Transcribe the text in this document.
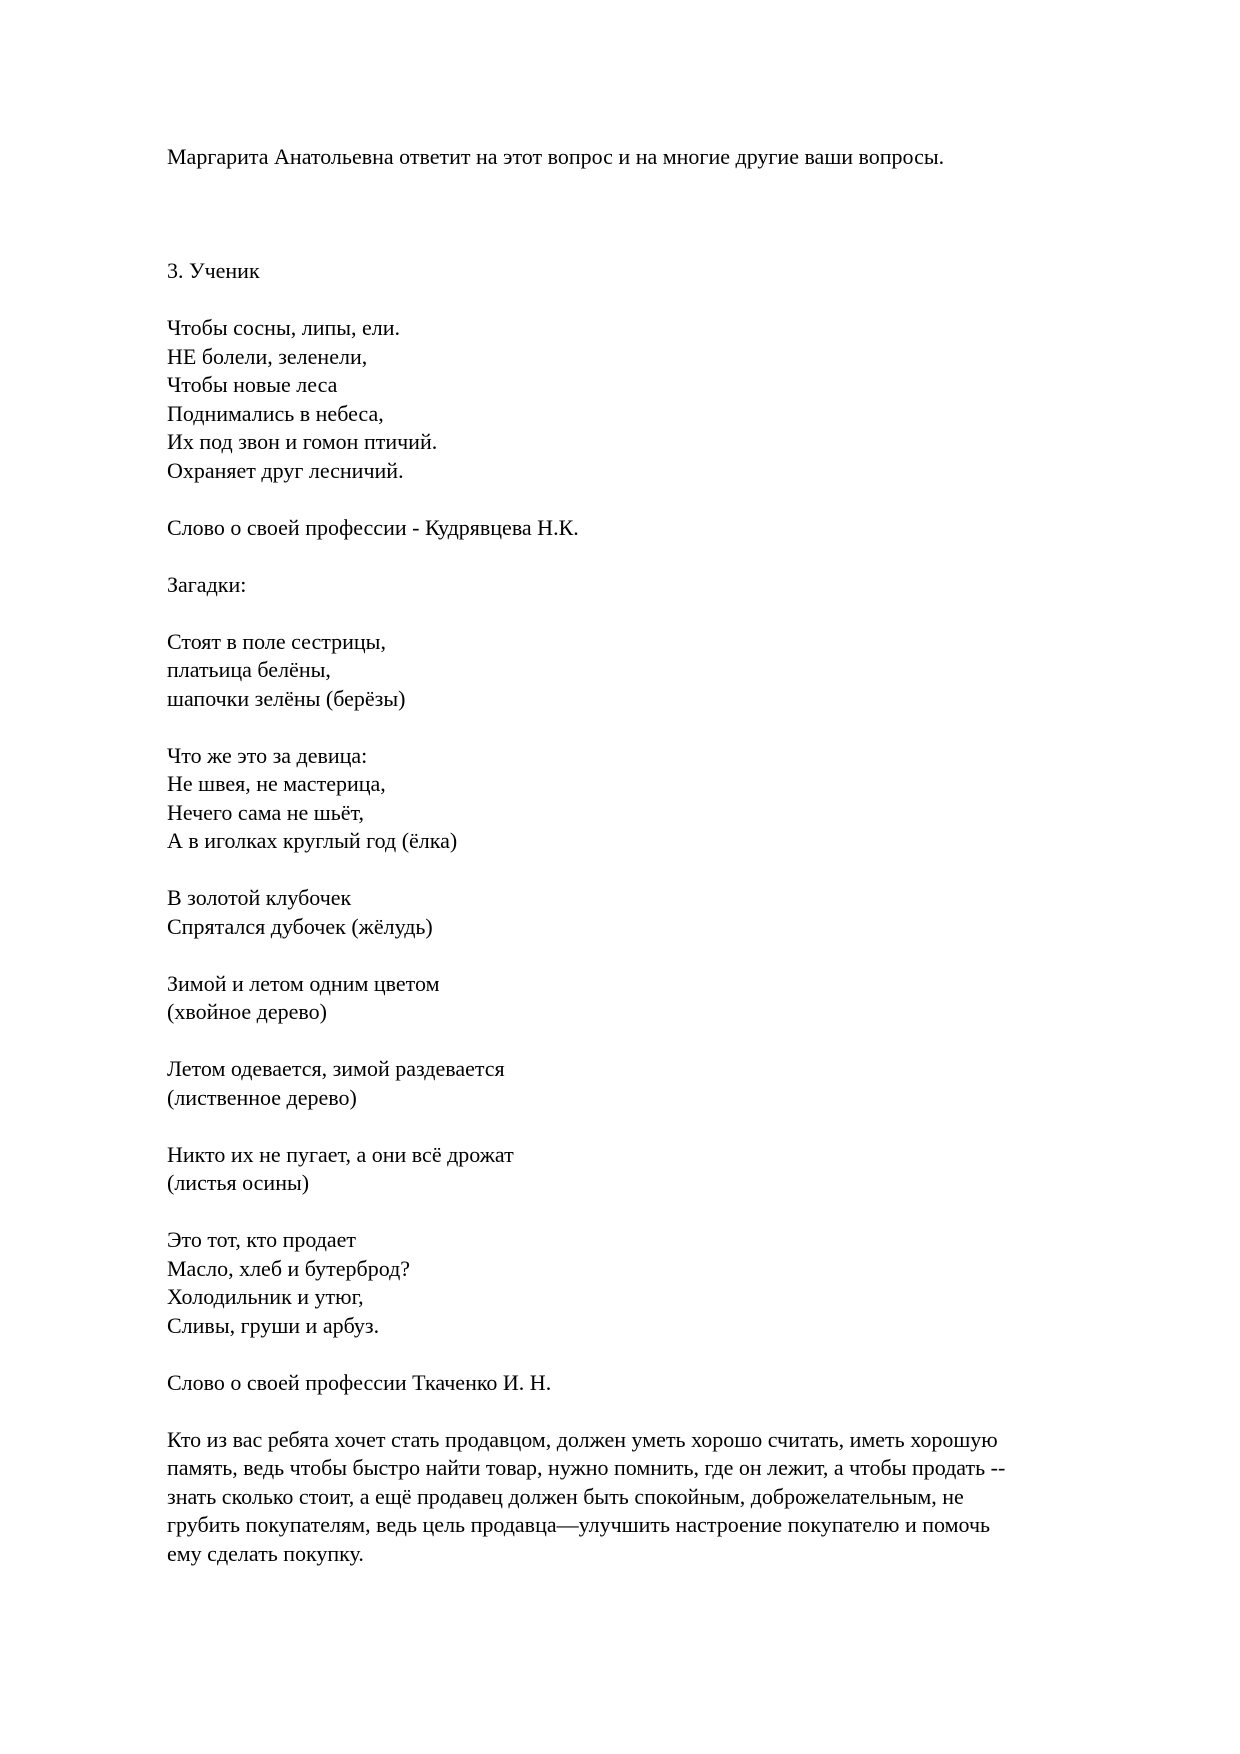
Маргарита Анатольевна ответит на этот вопрос и на многие другие ваши вопросы.
3. Ученик
Чтобы сосны, липы, ели.
НЕ болели, зеленели,
Чтобы новые леса
Поднимались в небеса,
Их под звон и гомон птичий.
Охраняет друг лесничий.
Слово о своей профессии - Кудрявцева Н.К.
Загадки:
Стоят в поле сестрицы,
платьица белёны,
шапочки зелёны (берёзы)
Что же это за девица:
Не швея, не мастерица,
Нечего сама не шьёт,
А в иголках круглый год (ёлка)
В золотой клубочек
Спрятался дубочек (жёлудь)
Зимой и летом одним цветом
(хвойное дерево)
Летом одевается, зимой раздевается
(лиственное дерево)
Никто их не пугает, а они всё дрожат
(листья осины)
Это тот, кто продает
Масло, хлеб и бутерброд?
Холодильник и утюг,
Сливы, груши и арбуз.
Слово о своей профессии Ткаченко И. Н.
Кто из вас ребята хочет стать продавцом, должен уметь хорошо считать, иметь хорошую
память, ведь чтобы быстро найти товар, нужно помнить, где он лежит, а чтобы продать --
знать сколько стоит, а ещё продавец должен быть спокойным, доброжелательным, не
грубить покупателям, ведь цель продавца—улучшить настроение покупателю и помочь
ему сделать покупку.
